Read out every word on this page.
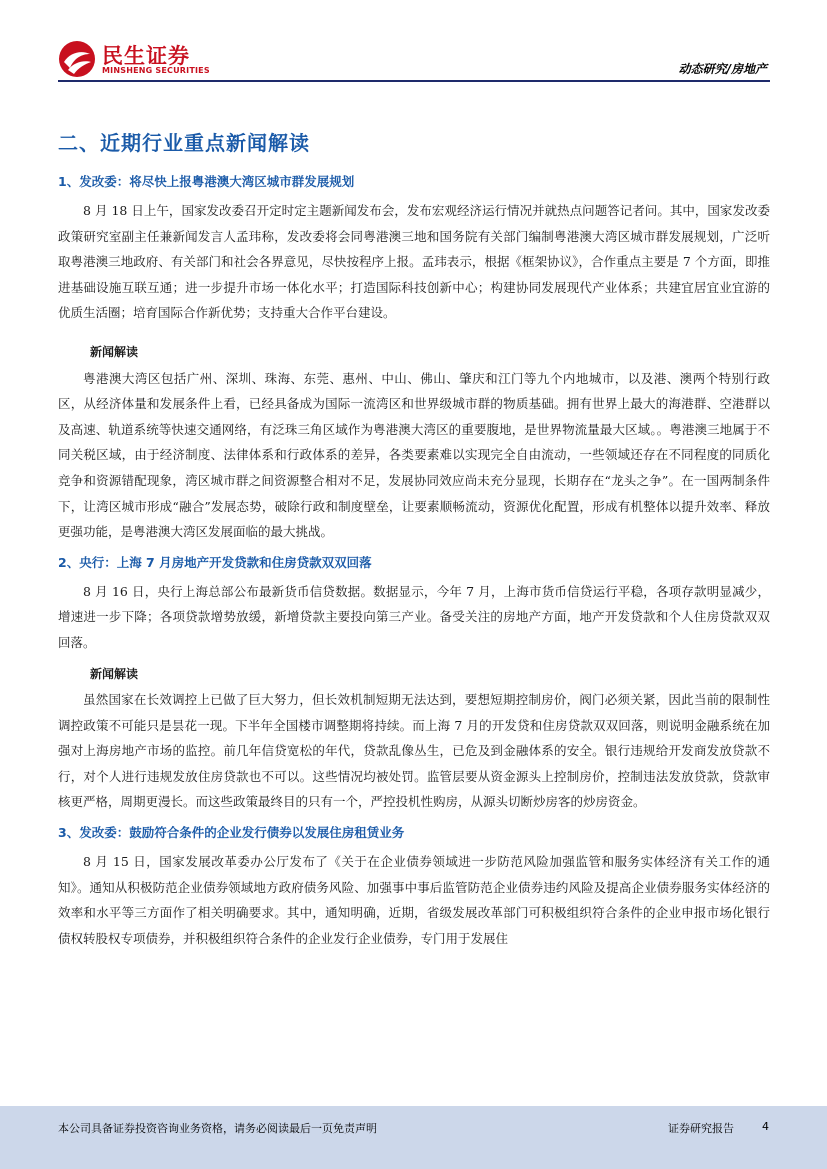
民生证券
MINSHENG SECURITIES	动态研究/房地产
二、近期行业重点新闻解读
1、发改委：将尽快上报粤港澳大湾区城市群发展规划

8 月 18 日上午，国家发改委召开定时定主题新闻发布会，发布宏观经济运行情况并就热点问题答记者问。其中，国家发改委政策研究室副主任兼新闻发言人孟玮称，发改委将会同粤港澳三地和国务院有关部门编制粤港澳大湾区城市群发展规划，广泛听取粤港澳三地政府、有关部门和社会各界意见，尽快按程序上报。孟玮表示，根据《框架协议》，合作重点主要是 7 个方面，即推进基础设施互联互通；进一步提升市场一体化水平；打造国际科技创新中心；构建协同发展现代产业体系；共建宜居宜业宜游的优质生活圈；培育国际合作新优势；支持重大合作平台建设。

新闻解读

粤港澳大湾区包括广州、深圳、珠海、东莞、惠州、中山、佛山、肇庆和江门等九个内地城市，以及港、澳两个特别行政区，从经济体量和发展条件上看，已经具备成为国际一流湾区和世界级城市群的物质基础。拥有世界上最大的海港群、空港群以及高速、轨道系统等快速交通网络，有泛珠三角区域作为粤港澳大湾区的重要腹地，是世界物流量最大区域。。粤港澳三地属于不同关税区域，由于经济制度、法律体系和行政体系的差异，各类要素难以实现完全自由流动，一些领域还存在不同程度的同质化竞争和资源错配现象，湾区城市群之间资源整合相对不足，发展协同效应尚未充分显现，长期存在“龙头之争”。在一国两制条件下，让湾区城市形成“融合”发展态势，破除行政和制度壁垒，让要素顺畅流动，资源优化配置，形成有机整体以提升效率、释放更强功能，是粤港澳大湾区发展面临的最大挑战。

2、央行：上海 7 月房地产开发贷款和住房贷款双双回落

8 月 16 日，央行上海总部公布最新货币信贷数据。数据显示，今年 7 月，上海市货币信贷运行平稳，各项存款明显减少，增速进一步下降；各项贷款增势放缓，新增贷款主要投向第三产业。备受关注的房地产方面，地产开发贷款和个人住房贷款双双回落。

新闻解读

虽然国家在长效调控上已做了巨大努力，但长效机制短期无法达到，要想短期控制房价，阀门必须关紧，因此当前的限制性调控政策不可能只是昙花一现。下半年全国楼市调整期将持续。而上海 7 月的开发贷和住房贷款双双回落，则说明金融系统在加强对上海房地产市场的监控。前几年信贷宽松的年代，贷款乱像丛生，已危及到金融体系的安全。银行违规给开发商发放贷款不行，对个人进行违规发放住房贷款也不可以。这些情况均被处罚。监管层要从资金源头上控制房价，控制违法发放贷款，贷款审核更严格，周期更漫长。而这些政策最终目的只有一个，严控投机性购房，从源头切断炒房客的炒房资金。

3、发改委：鼓励符合条件的企业发行债券以发展住房租赁业务

8 月 15 日，国家发展改革委办公厅发布了《关于在企业债券领域进一步防范风险加强监管和服务实体经济有关工作的通知》。通知从积极防范企业债券领域地方政府债务风险、加强事中事后监管防范企业债券违约风险及提高企业债券服务实体经济的效率和水平等三方面作了相关明确要求。其中，通知明确，近期，省级发展改革部门可积极组织符合条件的企业申报市场化银行债权转股权专项债券，并积极组织符合条件的企业发行企业债券，专门用于发展住

本公司具备证券投资咨询业务资格，请务必阅读最后一页免责声明	证券研究报告	4
